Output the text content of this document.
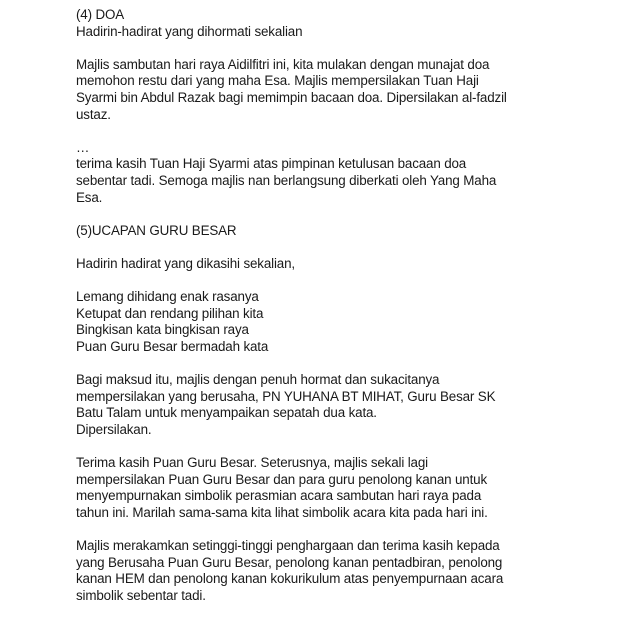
(4) DOA
Hadirin-hadirat yang dihormati sekalian
Majlis sambutan hari raya Aidilfitri ini, kita mulakan dengan munajat doa
memohon restu dari yang maha Esa. Majlis mempersilakan Tuan Haji
Syarmi bin Abdul Razak bagi memimpin bacaan doa. Dipersilakan al-fadzil
ustaz.
…
terima kasih Tuan Haji Syarmi atas pimpinan ketulusan bacaan doa
sebentar tadi. Semoga majlis nan berlangsung diberkati oleh Yang Maha
Esa.
(5)UCAPAN GURU BESAR
Hadirin hadirat yang dikasihi sekalian,
Lemang dihidang enak rasanya
Ketupat dan rendang pilihan kita
Bingkisan kata bingkisan raya
Puan Guru Besar bermadah kata
Bagi maksud itu, majlis dengan penuh hormat dan sukacitanya
mempersilakan yang berusaha, PN YUHANA BT MIHAT, Guru Besar SK
Batu Talam untuk menyampaikan sepatah dua kata.
Dipersilakan.
Terima kasih Puan Guru Besar. Seterusnya, majlis sekali lagi
mempersilakan Puan Guru Besar dan para guru penolong kanan untuk
menyempurnakan simbolik perasmian acara sambutan hari raya pada
tahun ini. Marilah sama-sama kita lihat simbolik acara kita pada hari ini.
Majlis merakamkan setinggi-tinggi penghargaan dan terima kasih kepada
yang Berusaha Puan Guru Besar, penolong kanan pentadbiran, penolong
kanan HEM dan penolong kanan kokurikulum atas penyempurnaan acara
simbolik sebentar tadi.
